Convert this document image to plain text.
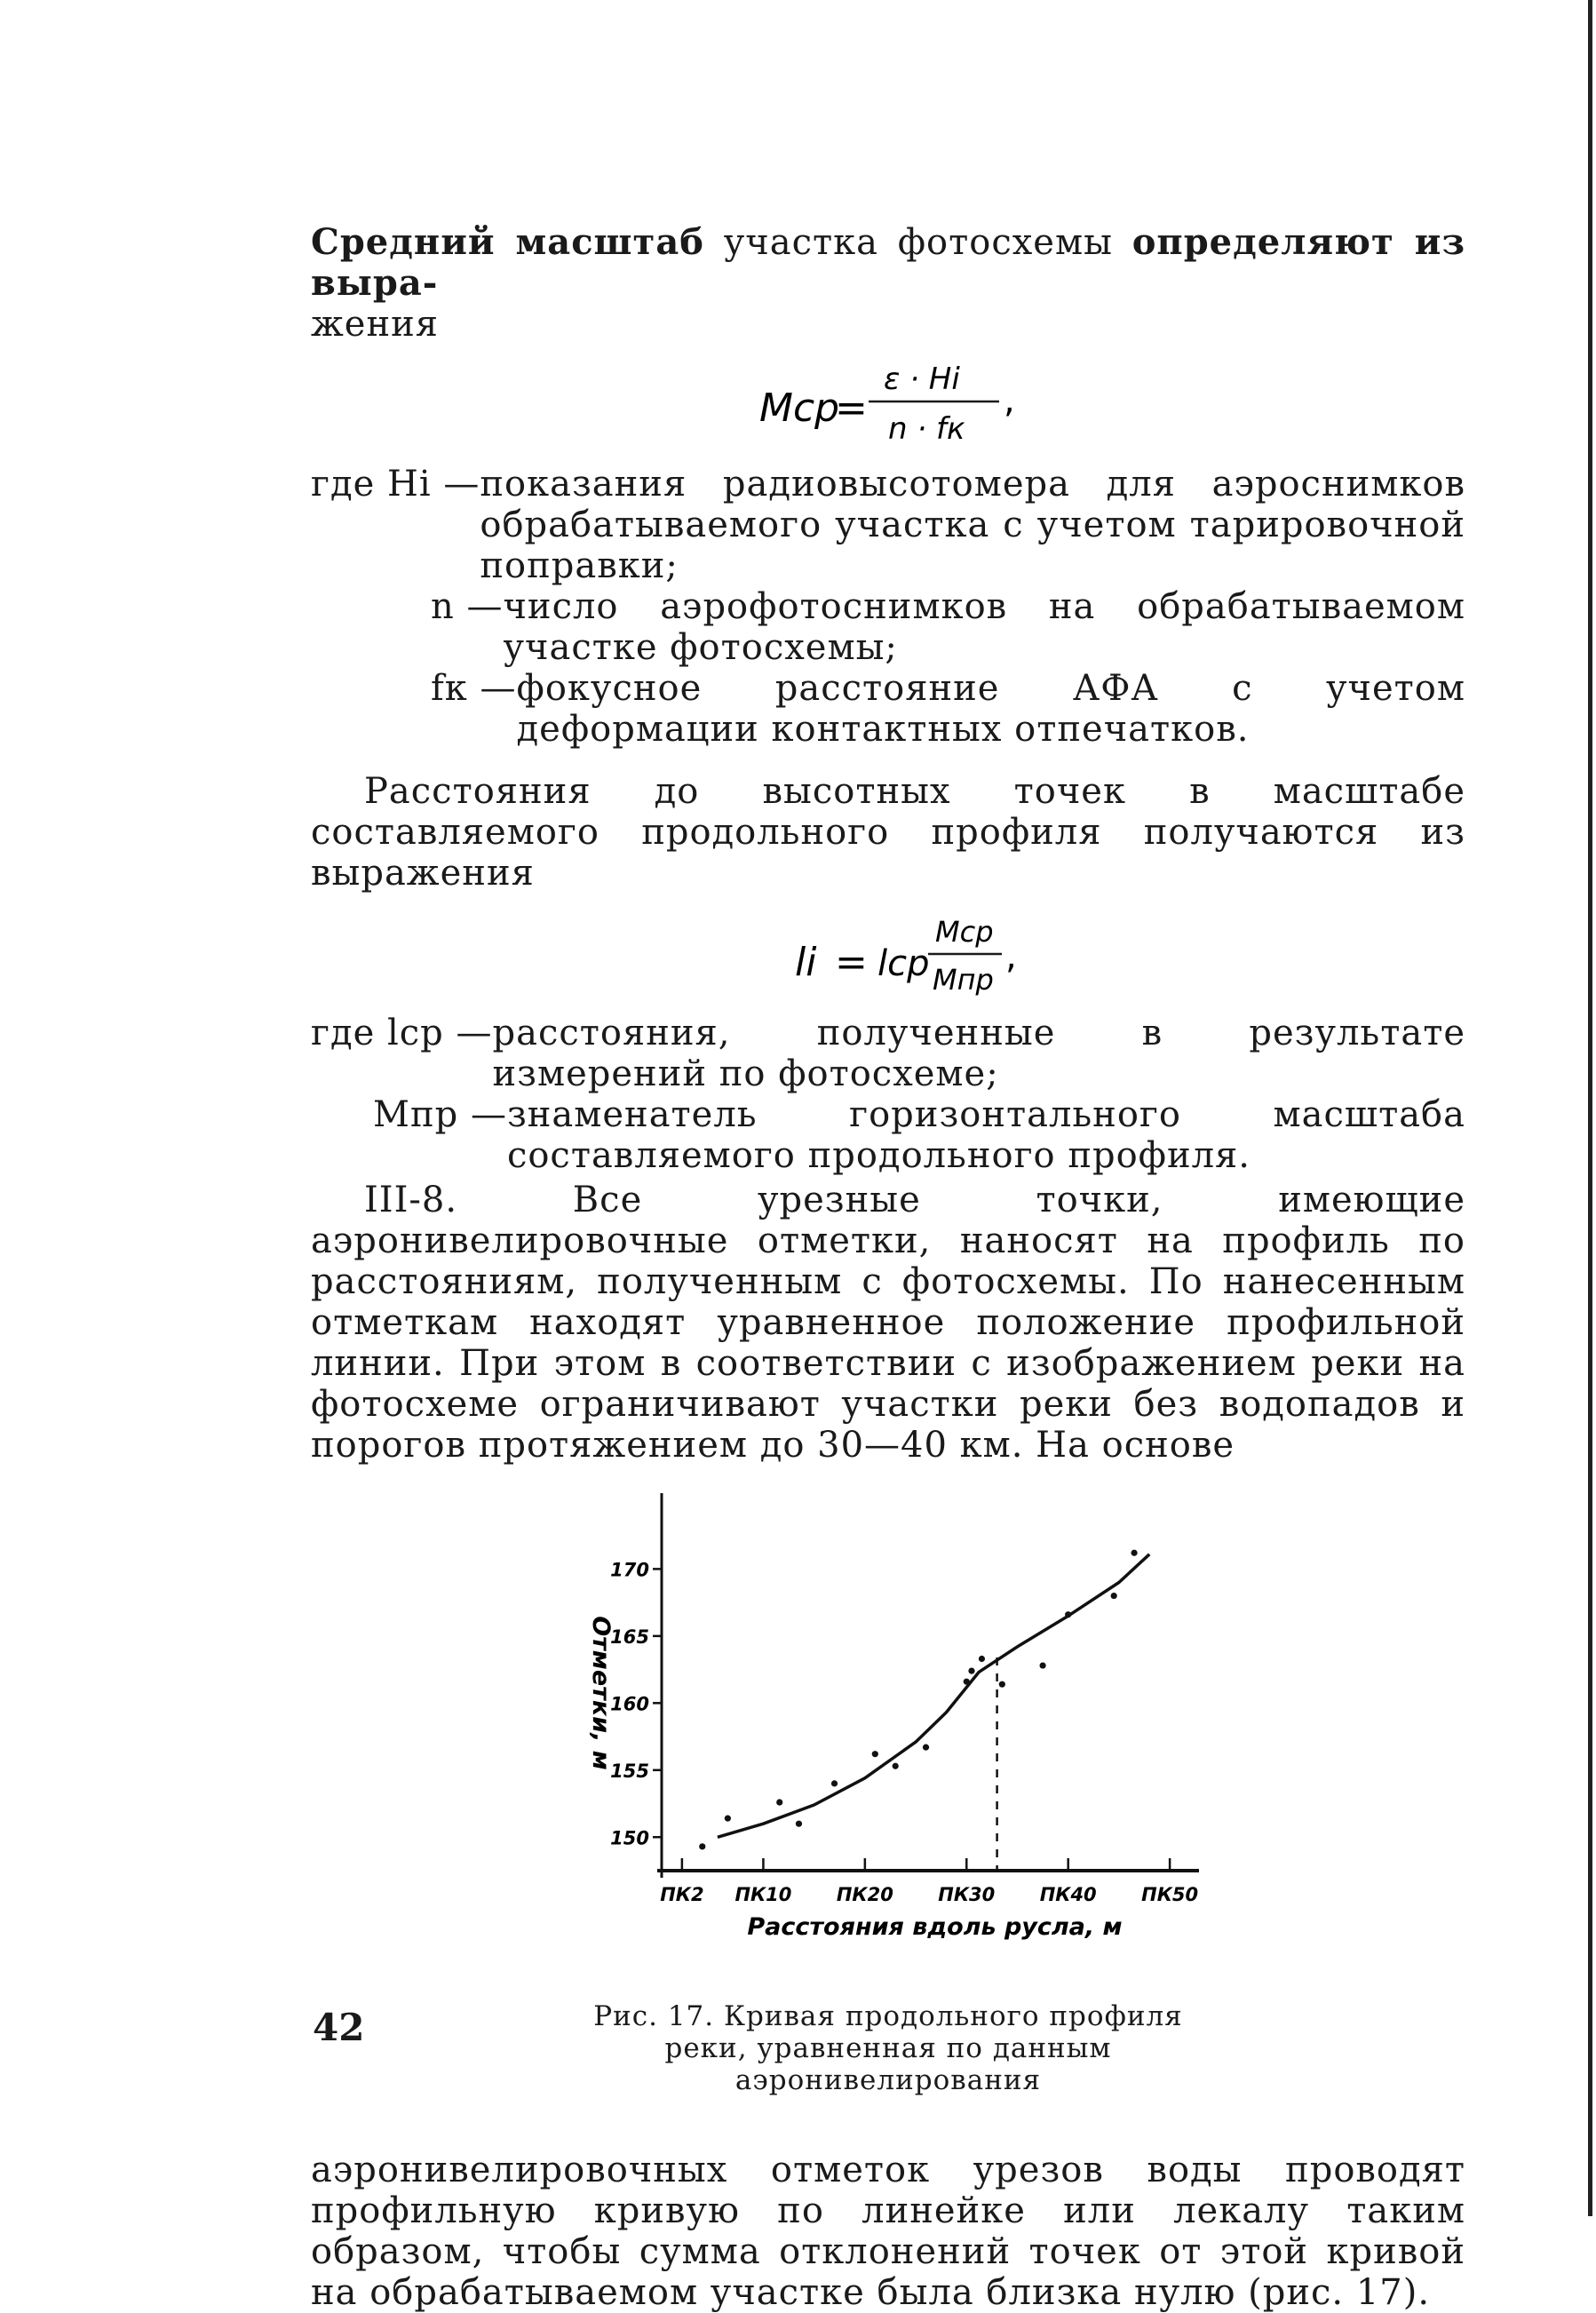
Средний масштаб участка фотосхемы определяют из выра-
жения

Mср
=
ε · Hi
n · fк
,
где Hi — показания радиовысотомера для аэроснимков обрабатываемого участка с учетом тарировочной поправки;
n — число аэрофотоснимков на обрабатываемом участке фотосхемы;
fк — фокусное расстояние АФА с учетом деформации контактных отпечатков.

Расстояния до высотных точек в масштабе составляемого продольного профиля получаются из выражения

li = lср
Mср
Mпр
,
где lср — расстояния, полученные в результате измерений по фотосхеме;
Mпр — знаменатель горизонтального масштаба составляемого продольного профиля.

III-8. Все урезные точки, имеющие аэронивелировочные отметки, наносят на профиль по расстояниям, полученным с фотосхемы. По нанесенным отметкам находят уравненное положение профильной линии. При этом в соответствии с изображением реки на фотосхеме ограничивают участки реки без водопадов и порогов протяжением до 30—40 км. На основе

150
155
160
165
170
ПК2 ПК10 ПК20 ПК30 ПК40 ПК50
Расстояния вдоль русла, м
Отметки, м

Рис. 17. Кривая продольного профиля реки, уравненная по данным аэронивелирования

аэронивелировочных отметок урезов воды проводят профильную кривую по линейке или лекалу таким образом, чтобы сумма отклонений точек от этой кривой на обрабатываемом участке была близка нулю (рис. 17).

42
